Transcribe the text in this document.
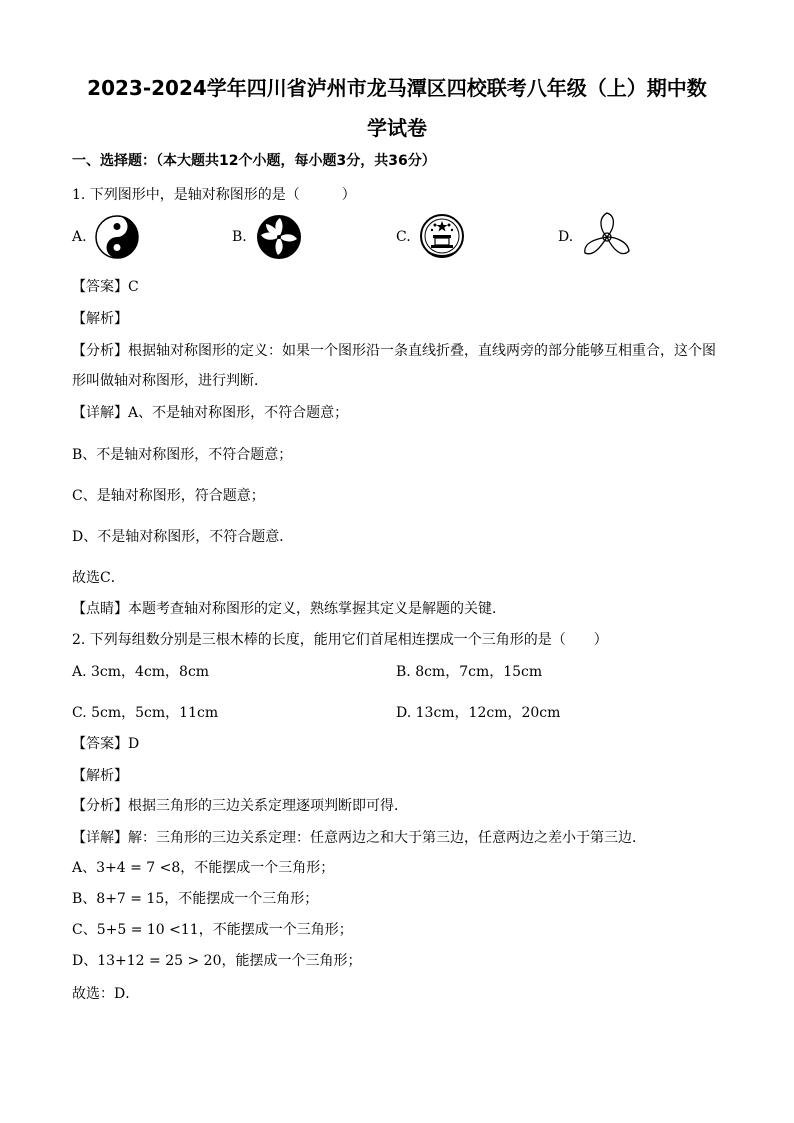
2023-2024学年四川省泸州市龙马潭区四校联考八年级（上）期中数
学试卷
一、选择题：（本大题共12个小题，每小题3分，共36分）
1. 下列图形中，是轴对称图形的是（　　　）
A.	B.	C.	D.
【答案】C
【解析】
【分析】根据轴对称图形的定义：如果一个图形沿一条直线折叠，直线两旁的部分能够互相重合，这个图
形叫做轴对称图形，进行判断．
【详解】A、不是轴对称图形，不符合题意；
B、不是轴对称图形，不符合题意；
C、是轴对称图形，符合题意；
D、不是轴对称图形，不符合题意．
故选C．
【点睛】本题考查轴对称图形的定义，熟练掌握其定义是解题的关键．
2. 下列每组数分别是三根木棒的长度，能用它们首尾相连摆成一个三角形的是（　　）
A. 3cm，4cm，8cm	B. 8cm，7cm，15cm
C. 5cm，5cm，11cm	D. 13cm，12cm，20cm
【答案】D
【解析】
【分析】根据三角形的三边关系定理逐项判断即可得．
【详解】解：三角形的三边关系定理：任意两边之和大于第三边，任意两边之差小于第三边．
A、3+4 = 7 <8，不能摆成一个三角形；
B、8+7 = 15，不能摆成一个三角形；
C、5+5 = 10 <11，不能摆成一个三角形；
D、13+12 = 25 > 20，能摆成一个三角形；
故选：D．
